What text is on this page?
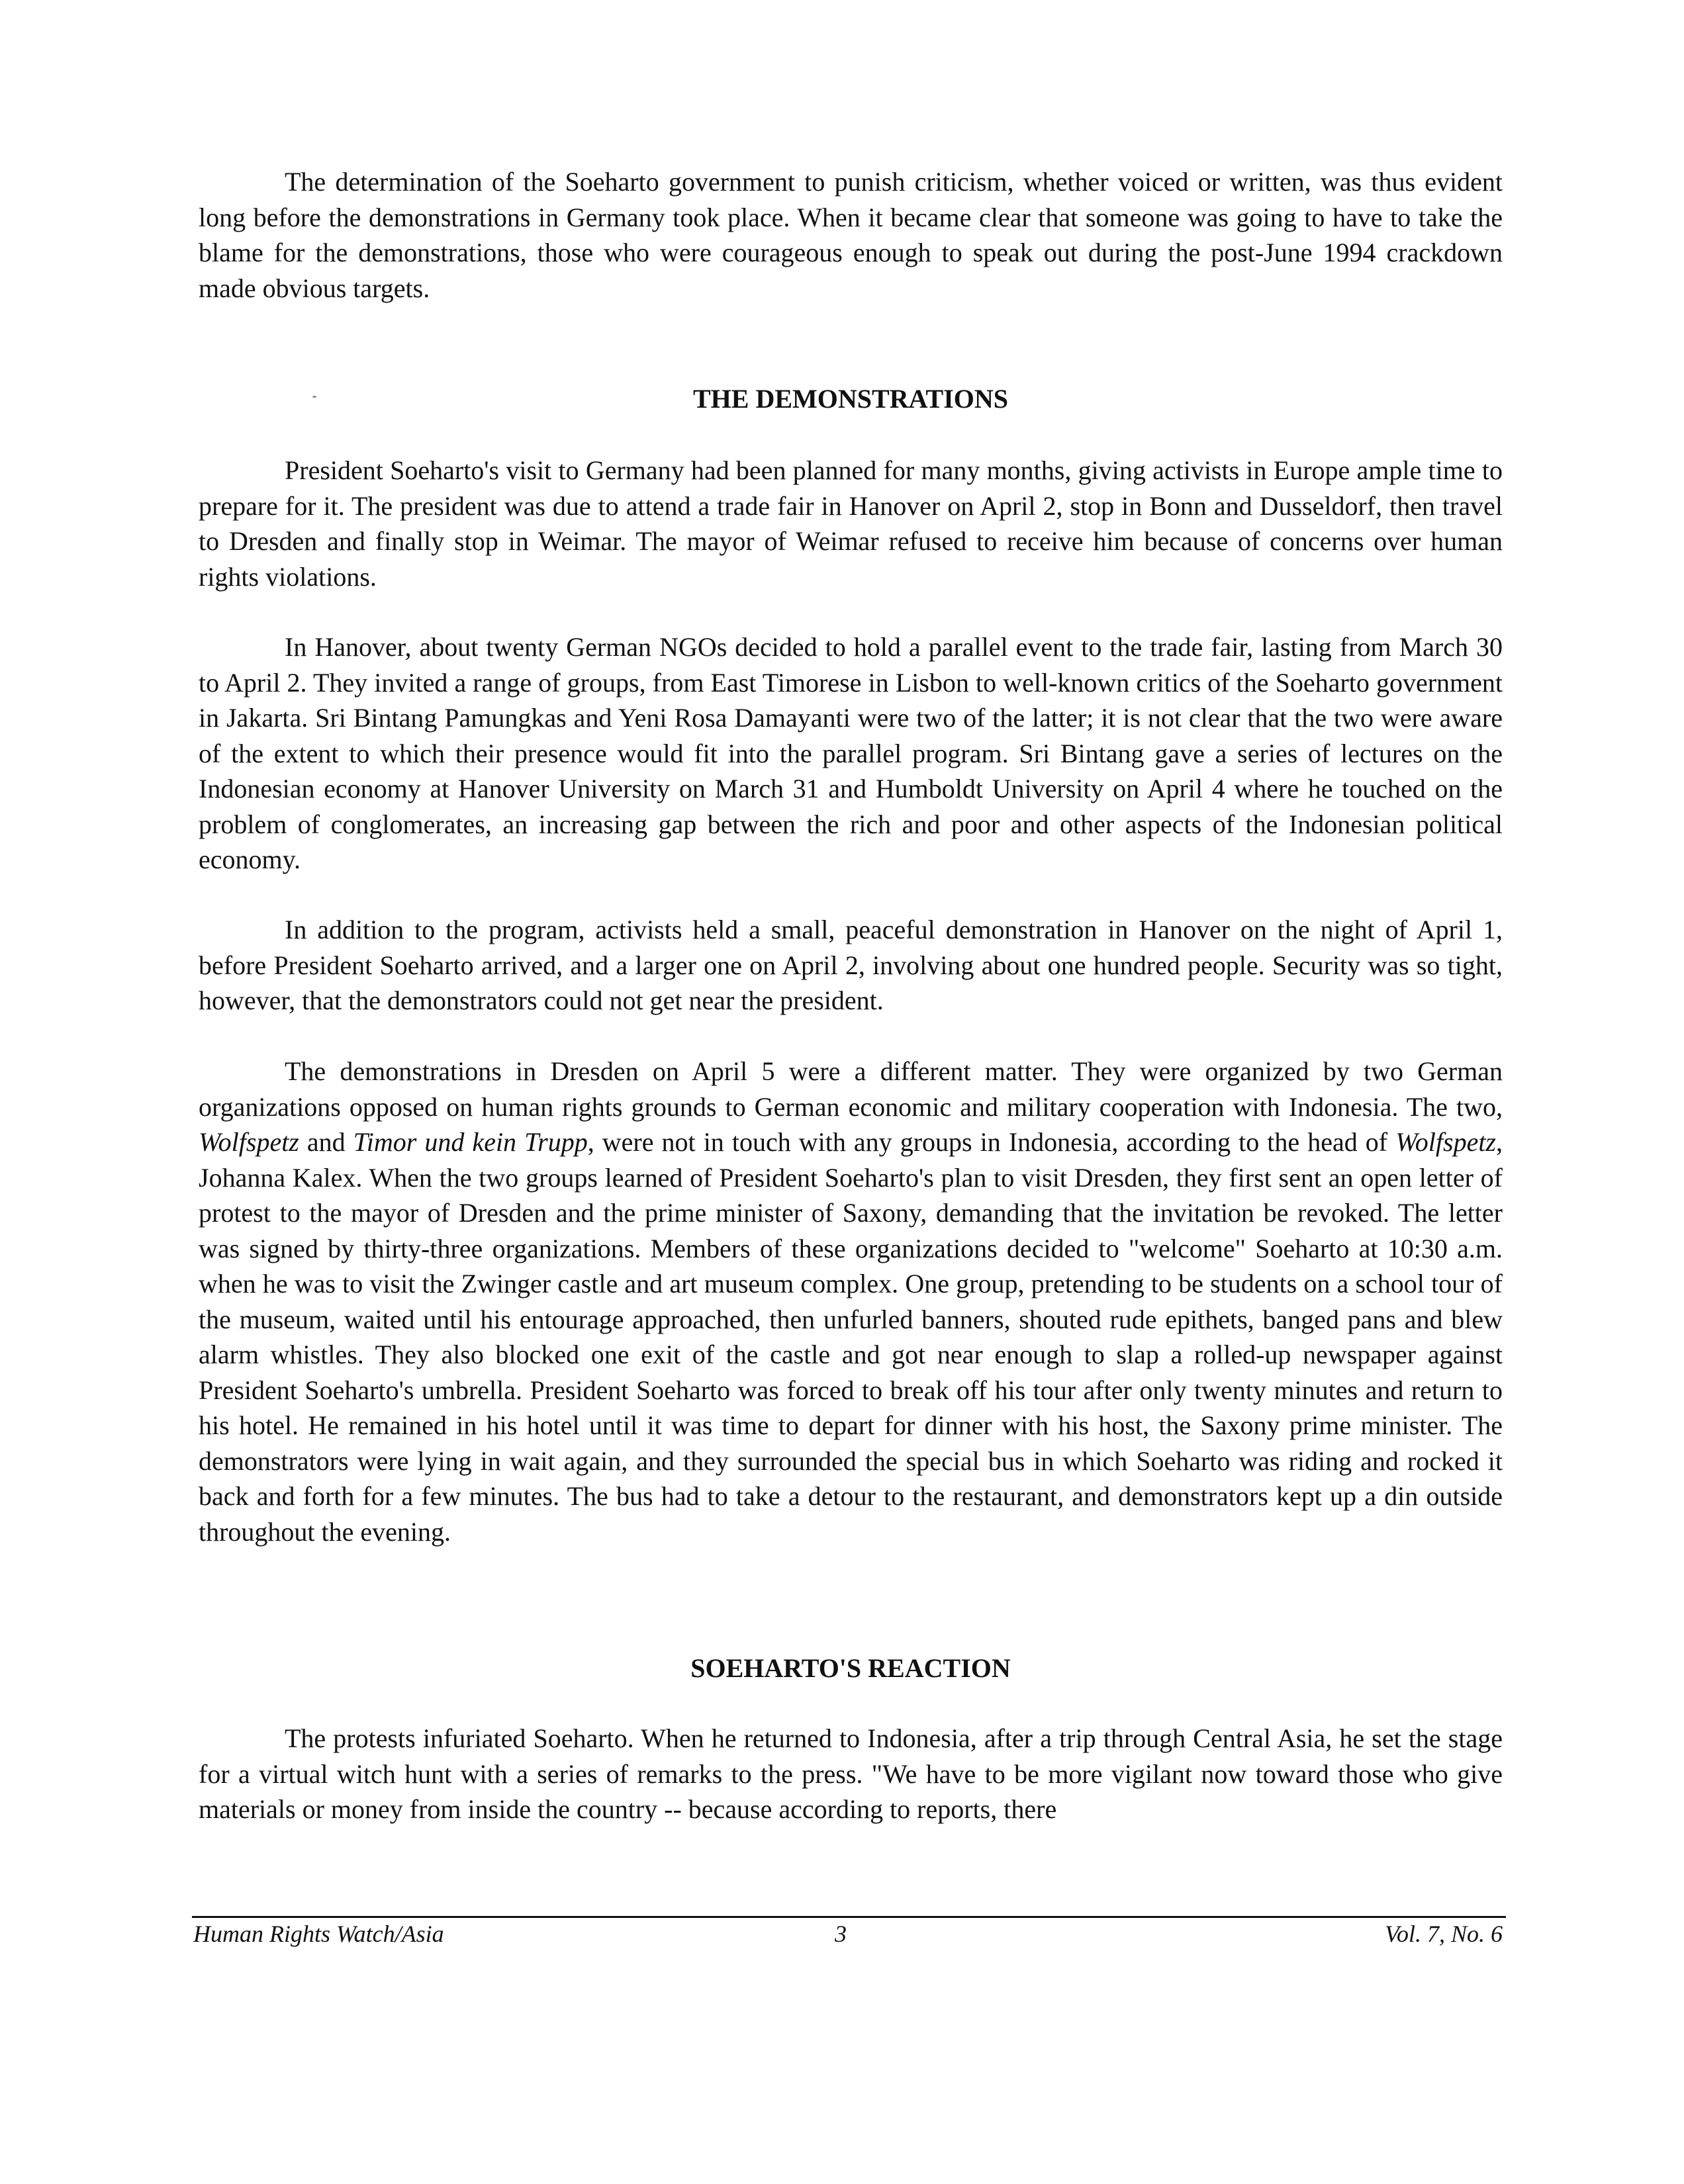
The determination of the Soeharto government to punish criticism, whether voiced or written, was thus evident long before the demonstrations in Germany took place. When it became clear that someone was going to have to take the blame for the demonstrations, those who were courageous enough to speak out during the post-June 1994 crackdown made obvious targets.

THE DEMONSTRATIONS

President Soeharto's visit to Germany had been planned for many months, giving activists in Europe ample time to prepare for it. The president was due to attend a trade fair in Hanover on April 2, stop in Bonn and Dusseldorf, then travel to Dresden and finally stop in Weimar. The mayor of Weimar refused to receive him because of concerns over human rights violations.

In Hanover, about twenty German NGOs decided to hold a parallel event to the trade fair, lasting from March 30 to April 2. They invited a range of groups, from East Timorese in Lisbon to well-known critics of the Soeharto government in Jakarta. Sri Bintang Pamungkas and Yeni Rosa Damayanti were two of the latter; it is not clear that the two were aware of the extent to which their presence would fit into the parallel program. Sri Bintang gave a series of lectures on the Indonesian economy at Hanover University on March 31 and Humboldt University on April 4 where he touched on the problem of conglomerates, an increasing gap between the rich and poor and other aspects of the Indonesian political economy.

In addition to the program, activists held a small, peaceful demonstration in Hanover on the night of April 1, before President Soeharto arrived, and a larger one on April 2, involving about one hundred people. Security was so tight, however, that the demonstrators could not get near the president.

The demonstrations in Dresden on April 5 were a different matter. They were organized by two German organizations opposed on human rights grounds to German economic and military cooperation with Indonesia. The two, Wolfspetz and Timor und kein Trupp, were not in touch with any groups in Indonesia, according to the head of Wolfspetz, Johanna Kalex. When the two groups learned of President Soeharto's plan to visit Dresden, they first sent an open letter of protest to the mayor of Dresden and the prime minister of Saxony, demanding that the invitation be revoked. The letter was signed by thirty-three organizations. Members of these organizations decided to "welcome" Soeharto at 10:30 a.m. when he was to visit the Zwinger castle and art museum complex. One group, pretending to be students on a school tour of the museum, waited until his entourage approached, then unfurled banners, shouted rude epithets, banged pans and blew alarm whistles. They also blocked one exit of the castle and got near enough to slap a rolled-up newspaper against President Soeharto's umbrella. President Soeharto was forced to break off his tour after only twenty minutes and return to his hotel. He remained in his hotel until it was time to depart for dinner with his host, the Saxony prime minister. The demonstrators were lying in wait again, and they surrounded the special bus in which Soeharto was riding and rocked it back and forth for a few minutes. The bus had to take a detour to the restaurant, and demonstrators kept up a din outside throughout the evening.

SOEHARTO'S REACTION

The protests infuriated Soeharto. When he returned to Indonesia, after a trip through Central Asia, he set the stage for a virtual witch hunt with a series of remarks to the press. "We have to be more vigilant now toward those who give materials or money from inside the country -- because according to reports, there

Human Rights Watch/Asia	3	Vol. 7, No. 6
